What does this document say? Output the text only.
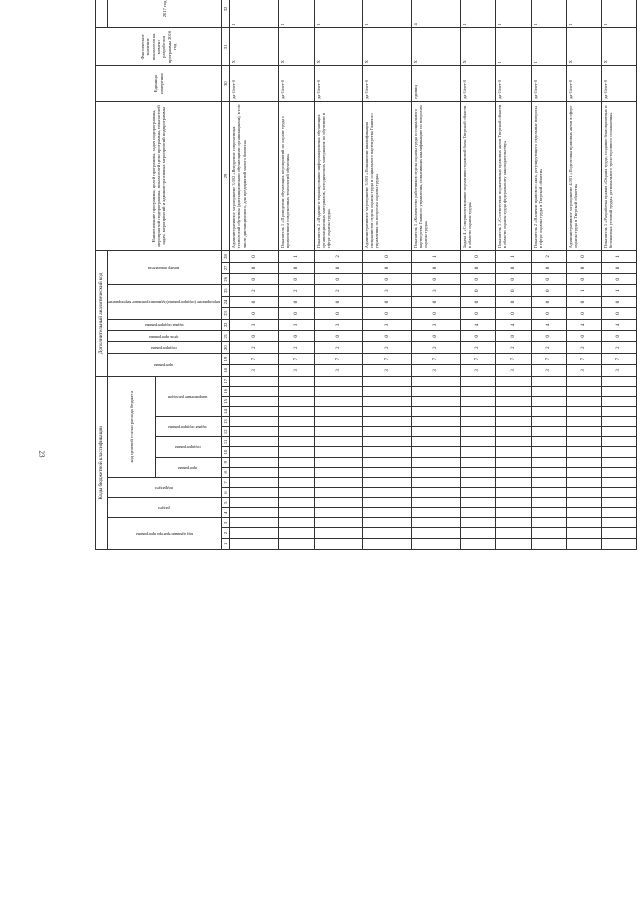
23	Коды бюджетной классификации																	Дополнительный аналитический код											Наименование программы, целей программы, задач подпрограммы, мероприятий подпрограммы, показателей цели программы, показателей задач, мероприятий и административных мероприятий подпрограммы	Единица измерения	Фактическое значение показателя на момент разработки программы 2016 год		
код администратора программы			раздел		подраздел		код целевой статьи расхода бюджета										программа		подпрограмма	цель программы	задача подпрограммы	мероприятие (подпрограммы)/административное мероприятие			номер показателя						2017 год							
							программа		подпрограмма		задача подпрограммы		направление расходов																									
1	2	3	4	5	6	7	8	9	10	11	12	13	14	15	16	17	18	19	20	21	22	23	24	25	26	27	28	29	30	31	32						
																	3	7	2	0	3	0	0	2	0	0	0	Административное мероприятие 3.002 «Внедрение современных технологий обучения (дистанционными обучающими организациями), в том числе дистанционного, для предприятий малого бизнеса»	да-1/нет-0	Х	1							
																	3	7	2	0	3	0	0	2	0	0	1	Показатель 1 «Проведение обучающих мероприятий по охране труда с применением современных технологий обучения»	да-1/нет-0	Х	1							
																	3	7	2	0	3	0	0	2	0	0	2	Показатель 2 «Издание и тиражирование информационных обучающих организационных материалов, методических материалов по обучению в сфере охраны труда»	да-1/нет-0	Х	1							
																	3	7	2	0	3	0	0	3	0	0	0	Административное мероприятие 3.003 «Повышение квалификации специалистов отдела охраны труда и социального партнерства Главного управления по вопросам охраны труда»	да-1/нет-0	Х	1							
																	3	7	2	0	3	0	0	3	0	0	1	Показатель 1 «Количество работников отдела охраны труда и социального партнерства Главного управления, повысивших квалификацию по вопросам охраны труда»	единиц	Х	4							
																	3	7	2	0	4	0	0	0	0	0	0	Задача 4 «Совершенствование нормативно-правовой базы Тверской области в области охраны труда»	да-1/нет-0	Х	1							
																	3	7	2	0	4	0	0	0	0	0	1	Показатель 1 «Соответствие нормативных правовых актов Тверской области в области охраны труда федеральному законодательству»	да-1/нет-0	1	1							
																	3	7	2	0	4	0	0	0	0	0	2	Показатель 2 «Наличие правового акта, регулирующего отдельные вопросы в сфере охраны труда в Тверской области»	да-1/нет-0	1	1							
																	3	7	2	0	4	0	0	1	0	0	0	Административное мероприятие 4.001 «Подготовка правовых актов в сфере охраны труда в Тверской области»	да-1/нет-0	Х	1							
																	3	7	2	0	4	0	0	1	0	0	1	Показатель 1 «Разработка правил «Охрана труда, создание благоприятных и безопасных условий труда» регионального трехстороннего соглашения»	да-1/нет-0	Х	1							
